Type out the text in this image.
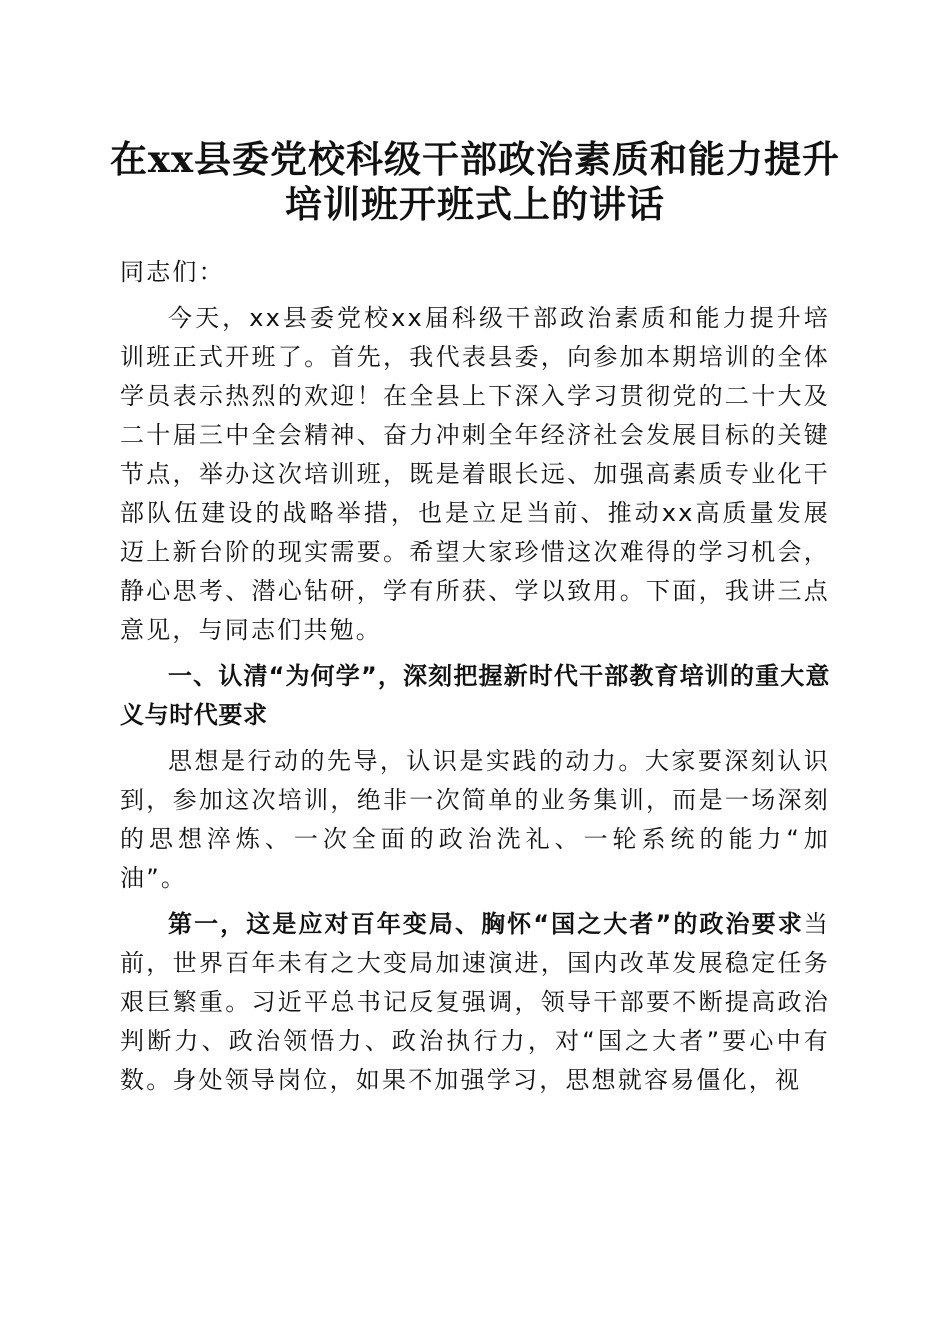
在xx县委党校科级干部政治素质和能力提升
培训班开班式上的讲话

同志们：

今天，xx县委党校xx届科级干部政治素质和能力提升培训班正式开班了。首先，我代表县委，向参加本期培训的全体学员表示热烈的欢迎！在全县上下深入学习贯彻党的二十大及二十届三中全会精神、奋力冲刺全年经济社会发展目标的关键节点，举办这次培训班，既是着眼长远、加强高素质专业化干部队伍建设的战略举措，也是立足当前、推动xx高质量发展迈上新台阶的现实需要。希望大家珍惜这次难得的学习机会，静心思考、潜心钻研，学有所获、学以致用。下面，我讲三点意见，与同志们共勉。

一、认清“为何学”，深刻把握新时代干部教育培训的重大意义与时代要求

思想是行动的先导，认识是实践的动力。大家要深刻认识到，参加这次培训，绝非一次简单的业务集训，而是一场深刻的思想淬炼、一次全面的政治洗礼、一轮系统的能力“加油”。

第一，这是应对百年变局、胸怀“国之大者”的政治要求当前，世界百年未有之大变局加速演进，国内改革发展稳定任务艰巨繁重。习近平总书记反复强调，领导干部要不断提高政治判断力、政治领悟力、政治执行力，对“国之大者”要心中有数。身处领导岗位，如果不加强学习，思想就容易僵化，视
